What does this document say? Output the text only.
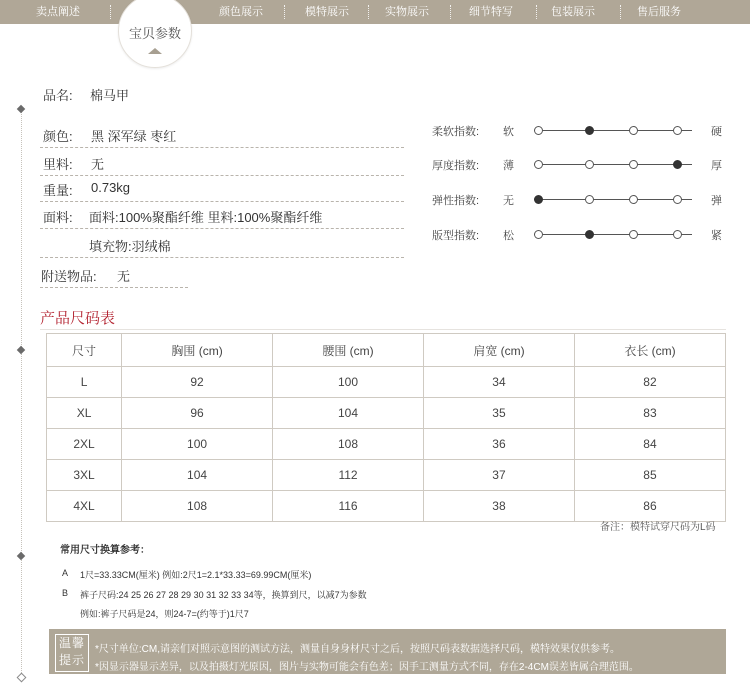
卖点阐述	颜色展示	模特展示	实物展示	细节特写	包装展示	售后服务
宝贝参数
品名: 棉马甲
颜色: 黑 深军绿 枣红
里料: 无
重量: 0.73kg
面料: 面料:100%聚酯纤维 里料:100%聚酯纤维
填充物:羽绒棉
附送物品: 无
柔软指数: 软	硬
厚度指数: 薄	厚
弹性指数: 无	弹
版型指数: 松	紧
产品尺码表
尺寸	胸围 (cm)	腰围 (cm)	肩宽 (cm)	衣长 (cm)
L	92	100	34	82
XL	96	104	35	83
2XL	100	108	36	84
3XL	104	112	37	85
4XL	108	116	38	86
备注：模特试穿尺码为L码
常用尺寸换算参考：
A 1尺=33.33CM(厘米) 例如:2尺1=2.1*33.33=69.99CM(厘米)
B 裤子尺码:24 25 26 27 28 29 30 31 32 33 34等，换算到尺，以减7为参数
例如:裤子尺码是24，则24-7=(约等于)1尺7
温馨提示
*尺寸单位:CM,请亲们对照示意图的测试方法，测量自身身材尺寸之后，按照尺码表数据选择尺码，模特效果仅供参考。
*因显示器显示差异，以及拍摄灯光原因，图片与实物可能会有色差；因手工测量方式不同，存在2-4CM误差皆属合理范围。
